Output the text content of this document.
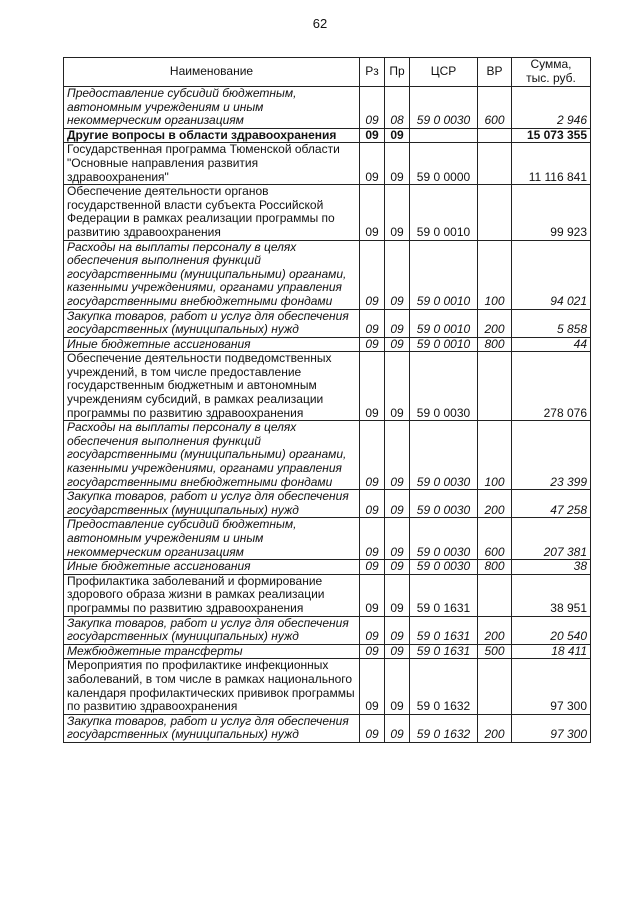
62
Наименование	Рз	Пр	ЦСР	ВР	Сумма,
тыс. руб.

Предоставление субсидий бюджетным, автономным учреждениям и иным некоммерческим организациям	09	08	59 0 0030	600	2 946
Другие вопросы в области здравоохранения	09	09			15 073 355
Государственная программа Тюменской области "Основные направления развития здравоохранения"	09	09	59 0 0000		11 116 841
Обеспечение деятельности органов государственной власти субъекта Российской Федерации в рамках реализации программы по развитию здравоохранения	09	09	59 0 0010		99 923
Расходы на выплаты персоналу в целях обеспечения выполнения функций государственными (муниципальными) органами, казенными учреждениями, органами управления государственными внебюджетными фондами	09	09	59 0 0010	100	94 021
Закупка товаров, работ и услуг для обеспечения государственных (муниципальных) нужд	09	09	59 0 0010	200	5 858
Иные бюджетные ассигнования	09	09	59 0 0010	800	44
Обеспечение деятельности подведомственных учреждений, в том числе предоставление государственным бюджетным и автономным учреждениям субсидий, в рамках реализации программы по развитию здравоохранения	09	09	59 0 0030		278 076
Расходы на выплаты персоналу в целях обеспечения выполнения функций государственными (муниципальными) органами, казенными учреждениями, органами управления государственными внебюджетными фондами	09	09	59 0 0030	100	23 399
Закупка товаров, работ и услуг для обеспечения государственных (муниципальных) нужд	09	09	59 0 0030	200	47 258
Предоставление субсидий бюджетным, автономным учреждениям и иным некоммерческим организациям	09	09	59 0 0030	600	207 381
Иные бюджетные ассигнования	09	09	59 0 0030	800	38
Профилактика заболеваний и формирование здорового образа жизни в рамках реализации программы по развитию здравоохранения	09	09	59 0 1631		38 951
Закупка товаров, работ и услуг для обеспечения государственных (муниципальных) нужд	09	09	59 0 1631	200	20 540
Межбюджетные трансферты	09	09	59 0 1631	500	18 411
Мероприятия по профилактике инфекционных заболеваний, в том числе в рамках национального календаря профилактических прививок программы по развитию здравоохранения	09	09	59 0 1632		97 300
Закупка товаров, работ и услуг для обеспечения государственных (муниципальных) нужд	09	09	59 0 1632	200	97 300
